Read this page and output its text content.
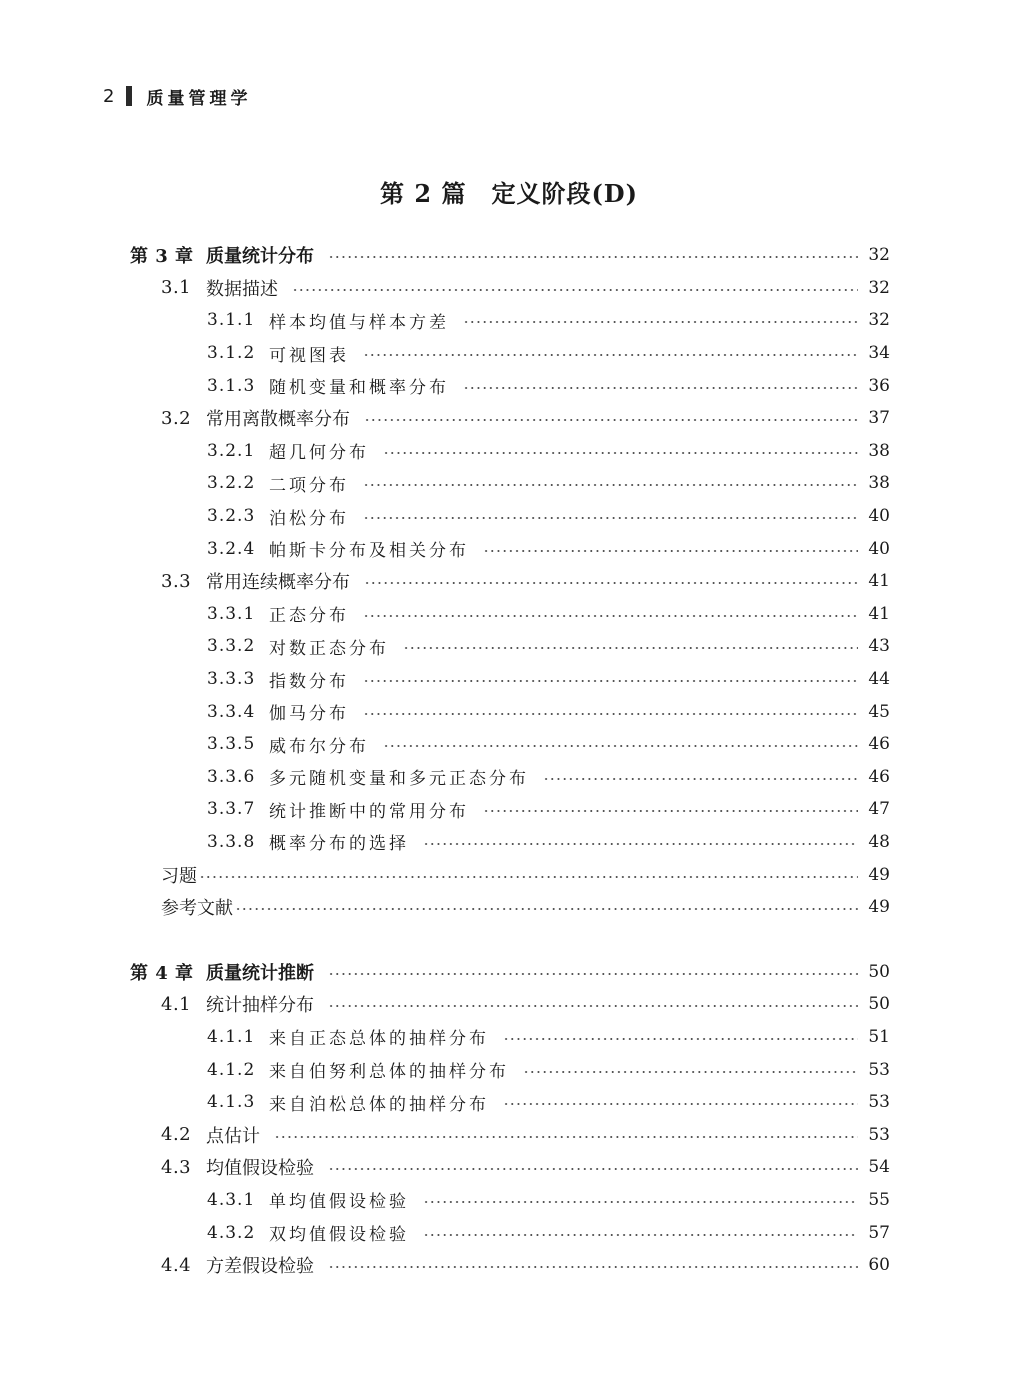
2 质量管理学
第 2 篇　定义阶段(D)
第 3 章 质量统计分布	32
3.1 数据描述	32
3.1.1 样本均值与样本方差	32
3.1.2 可视图表	34
3.1.3 随机变量和概率分布	36
3.2 常用离散概率分布	37
3.2.1 超几何分布	38
3.2.2 二项分布	38
3.2.3 泊松分布	40
3.2.4 帕斯卡分布及相关分布	40
3.3 常用连续概率分布	41
3.3.1 正态分布	41
3.3.2 对数正态分布	43
3.3.3 指数分布	44
3.3.4 伽马分布	45
3.3.5 威布尔分布	46
3.3.6 多元随机变量和多元正态分布	46
3.3.7 统计推断中的常用分布	47
3.3.8 概率分布的选择	48
习题	49
参考文献	49
第 4 章 质量统计推断	50
4.1 统计抽样分布	50
4.1.1 来自正态总体的抽样分布	51
4.1.2 来自伯努利总体的抽样分布	53
4.1.3 来自泊松总体的抽样分布	53
4.2 点估计	53
4.3 均值假设检验	54
4.3.1 单均值假设检验	55
4.3.2 双均值假设检验	57
4.4 方差假设检验	60
